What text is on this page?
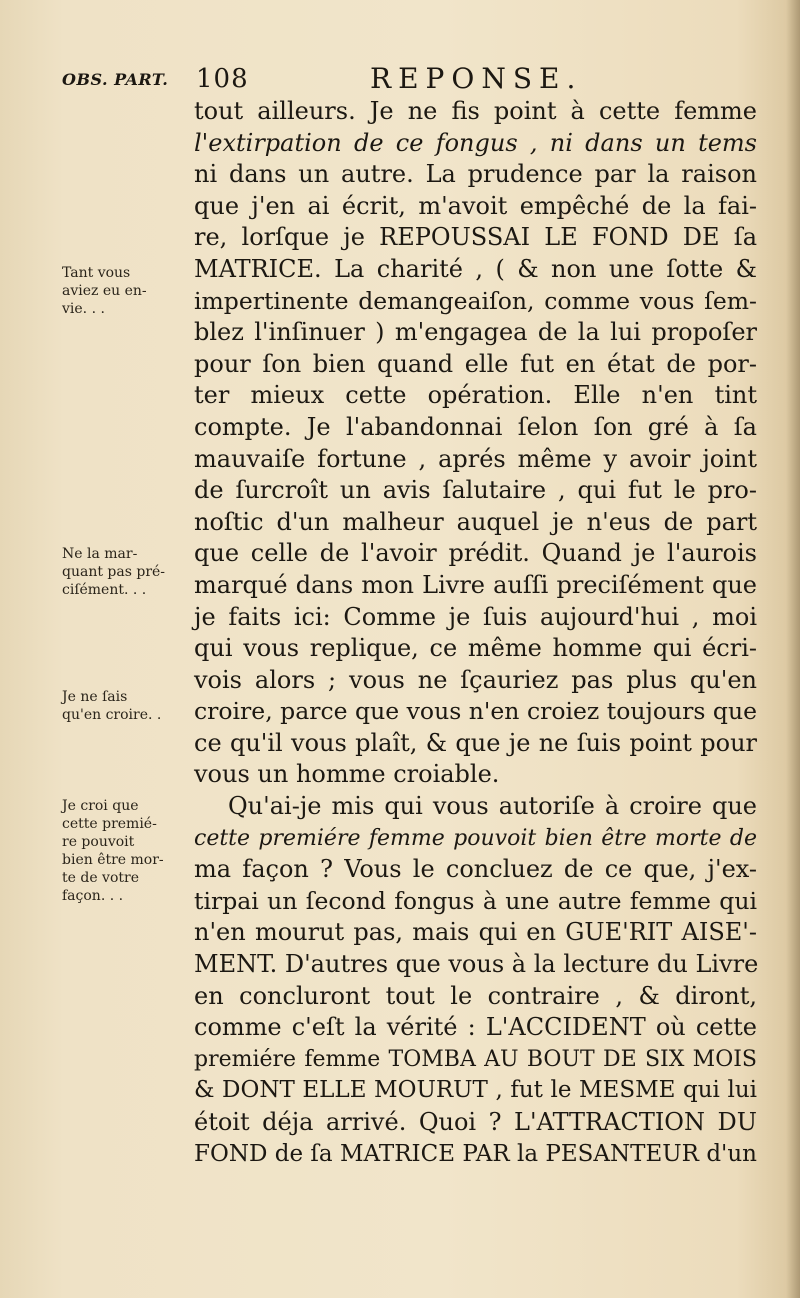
OBS. PART. 108	REPONSE.
tout ailleurs. Je ne fis point à cette femme
l'extirpation de ce fongus , ni dans un tems
ni dans un autre. La prudence par la raison
que j'en ai écrit, m'avoit empêché de la fai-
re, lorſque je REPOUSSAI LE FOND DE ſa
MATRICE. La charité , ( & non une ſotte &
impertinente demangeaiſon, comme vous ſem-
blez l'inſinuer ) m'engagea de la lui propoſer
pour ſon bien quand elle fut en état de por-
ter mieux cette opération. Elle n'en tint
compte. Je l'abandonnai ſelon ſon gré à ſa
mauvaiſe fortune , aprés même y avoir joint
de ſurcroît un avis ſalutaire , qui fut le pro-
noſtic d'un malheur auquel je n'eus de part
que celle de l'avoir prédit. Quand je l'aurois
marqué dans mon Livre auſſi preciſément que
je faits ici: Comme je ſuis aujourd'hui , moi
qui vous replique, ce même homme qui écri-
vois alors ; vous ne ſçauriez pas plus qu'en
croire, parce que vous n'en croiez toujours que
ce qu'il vous plaît, & que je ne ſuis point pour
vous un homme croiable.
Qu'ai-je mis qui vous autoriſe à croire que
cette premiére femme pouvoit bien être morte de
ma façon ? Vous le concluez de ce que, j'ex-
tirpai un ſecond fongus à une autre femme qui
n'en mourut pas, mais qui en GUE'RIT AISE'-
MENT. D'autres que vous à la lecture du Livre
en concluront tout le contraire , & diront,
comme c'eſt la vérité : L'ACCIDENT où cette
premiére femme TOMBA AU BOUT DE SIX MOIS
& DONT ELLE MOURUT , fut le MESME qui lui
étoit déja arrivé. Quoi ? L'ATTRACTION DU
FOND de ſa MATRICE PAR la PESANTEUR d'un
Tant vous
aviez eu en-
vie. . .
Ne la mar-
quant pas pré-
ciſément. . .
Je ne ſais
qu'en croire. .
Je croi que
cette premié-
re pouvoit
bien être mor-
te de votre
façon. . .
